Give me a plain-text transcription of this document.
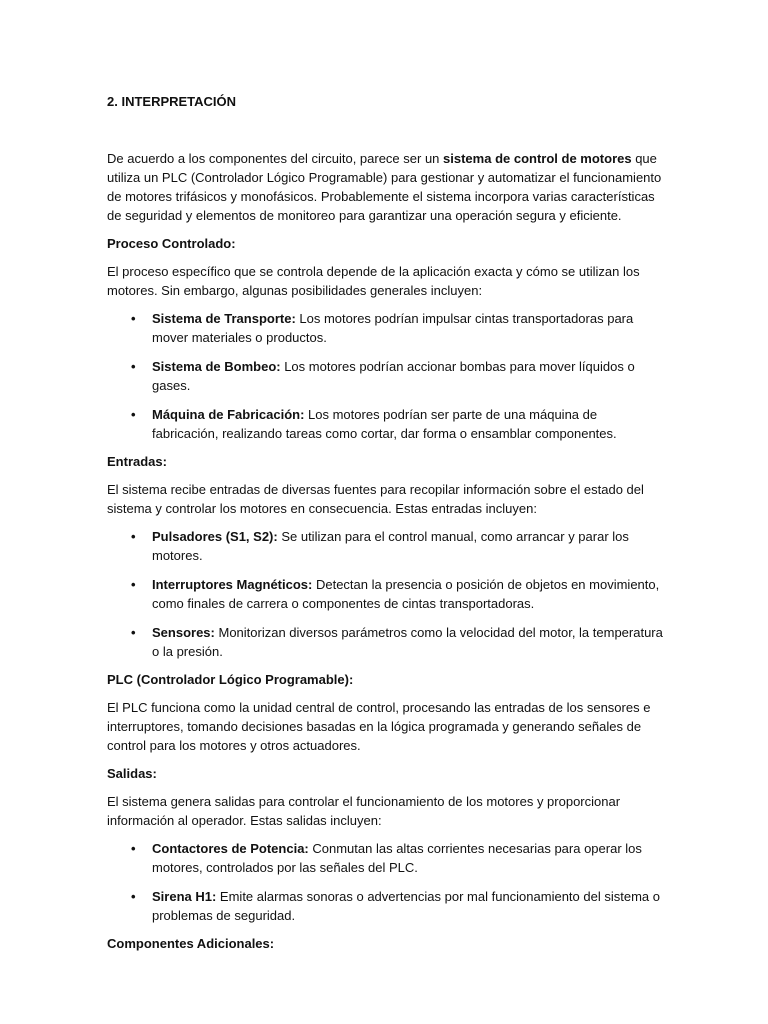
2. INTERPRETACIÓN

De acuerdo a los componentes del circuito, parece ser un sistema de control de motores que utiliza un PLC (Controlador Lógico Programable) para gestionar y automatizar el funcionamiento de motores trifásicos y monofásicos. Probablemente el sistema incorpora varias características de seguridad y elementos de monitoreo para garantizar una operación segura y eficiente.

Proceso Controlado:

El proceso específico que se controla depende de la aplicación exacta y cómo se utilizan los motores. Sin embargo, algunas posibilidades generales incluyen:

• Sistema de Transporte: Los motores podrían impulsar cintas transportadoras para mover materiales o productos.
• Sistema de Bombeo: Los motores podrían accionar bombas para mover líquidos o gases.
• Máquina de Fabricación: Los motores podrían ser parte de una máquina de fabricación, realizando tareas como cortar, dar forma o ensamblar componentes.

Entradas:

El sistema recibe entradas de diversas fuentes para recopilar información sobre el estado del sistema y controlar los motores en consecuencia. Estas entradas incluyen:

• Pulsadores (S1, S2): Se utilizan para el control manual, como arrancar y parar los motores.
• Interruptores Magnéticos: Detectan la presencia o posición de objetos en movimiento, como finales de carrera o componentes de cintas transportadoras.
• Sensores: Monitorizan diversos parámetros como la velocidad del motor, la temperatura o la presión.

PLC (Controlador Lógico Programable):

El PLC funciona como la unidad central de control, procesando las entradas de los sensores e interruptores, tomando decisiones basadas en la lógica programada y generando señales de control para los motores y otros actuadores.

Salidas:

El sistema genera salidas para controlar el funcionamiento de los motores y proporcionar información al operador. Estas salidas incluyen:

• Contactores de Potencia: Conmutan las altas corrientes necesarias para operar los motores, controlados por las señales del PLC.
• Sirena H1: Emite alarmas sonoras o advertencias por mal funcionamiento del sistema o problemas de seguridad.

Componentes Adicionales:
